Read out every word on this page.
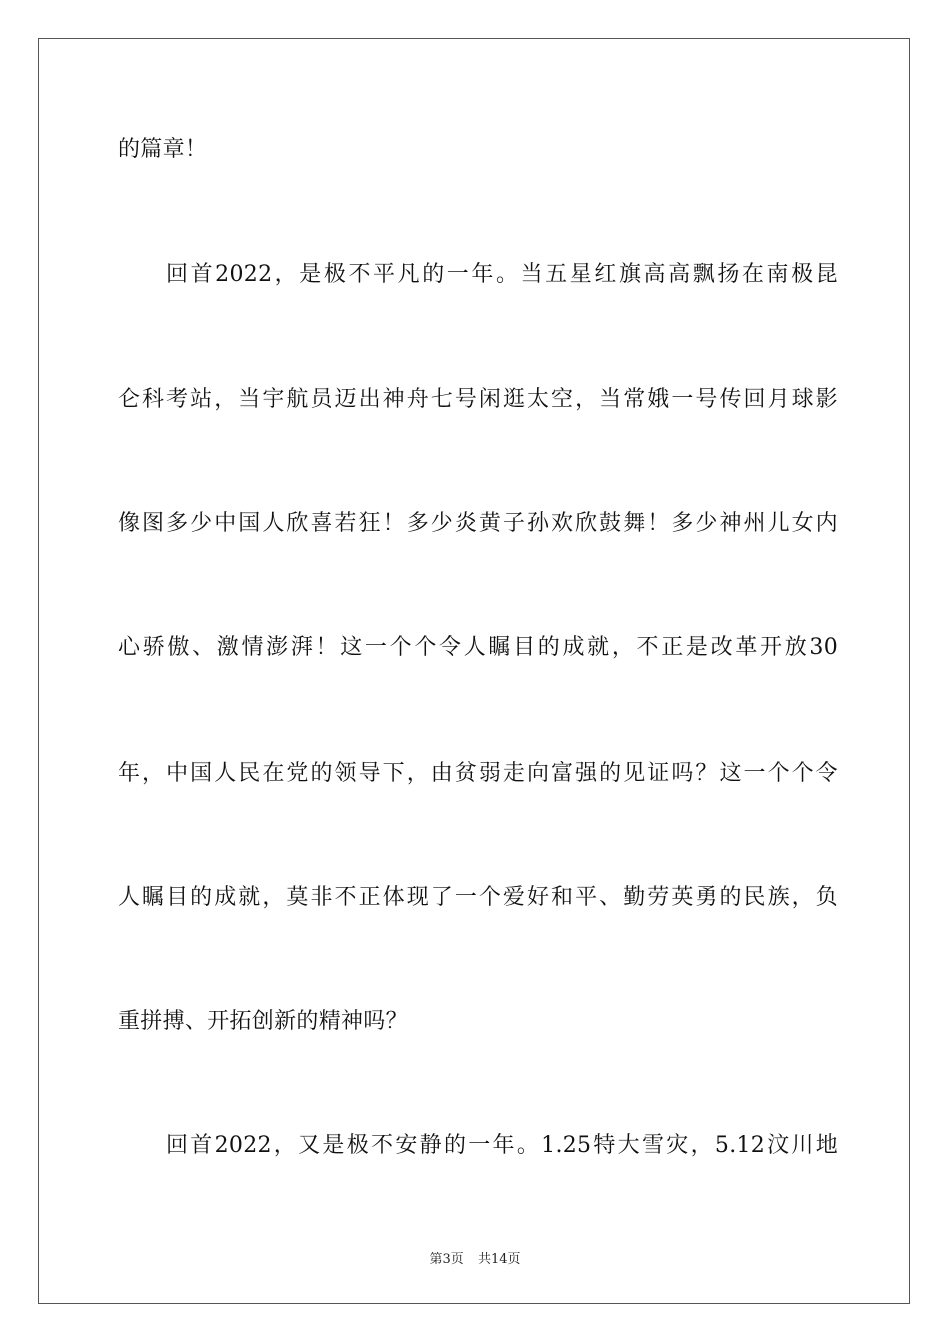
的篇章！
回首2022，是极不平凡的一年。当五星红旗高高飘扬在南极昆
仑科考站，当宇航员迈出神舟七号闲逛太空，当常娥一号传回月球影
像图多少中国人欣喜若狂！多少炎黄子孙欢欣鼓舞！多少神州儿女内
心骄傲、激情澎湃！这一个个令人瞩目的成就，不正是改革开放30
年，中国人民在党的领导下，由贫弱走向富强的见证吗？这一个个令
人瞩目的成就，莫非不正体现了一个爱好和平、勤劳英勇的民族，负
重拼搏、开拓创新的精神吗？
回首2022，又是极不安静的一年。1.25特大雪灾，5.12汶川地
第3页 共14页
